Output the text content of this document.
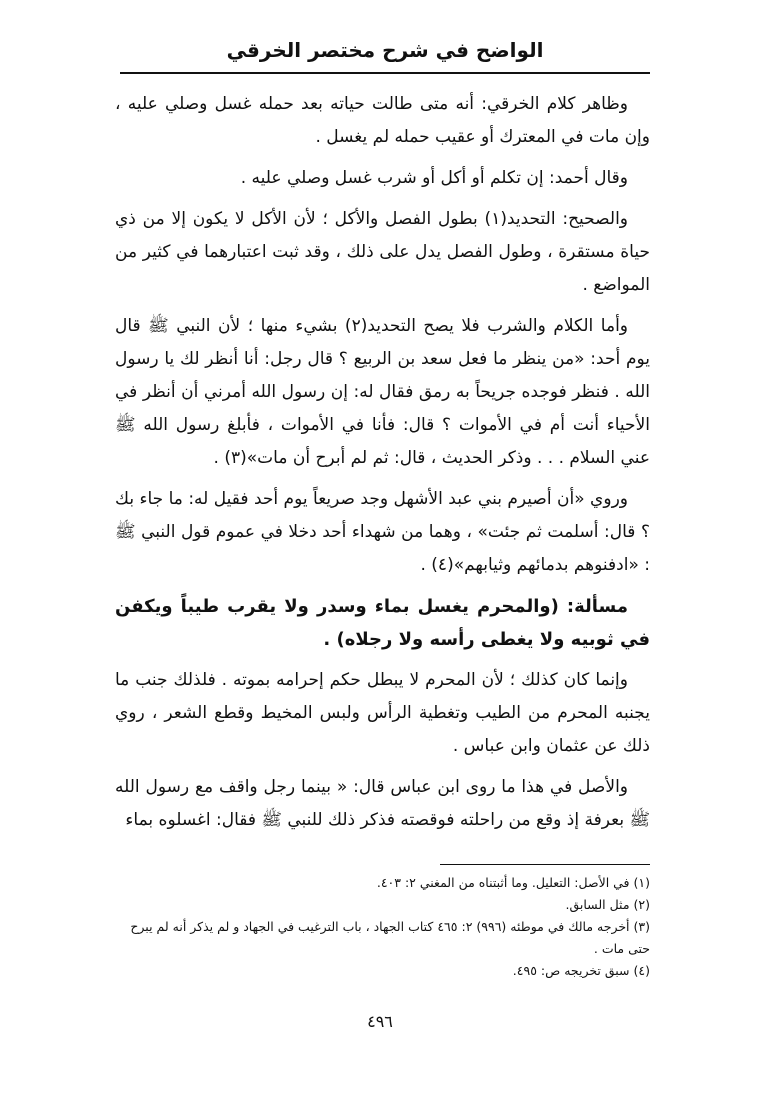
الواضح في شرح مختصر الخرقي

وظاهر كلام الخرقي: أنه متى طالت حياته بعد حمله غسل وصلي عليه ، وإن مات في المعترك أو عقيب حمله لم يغسل .

وقال أحمد: إن تكلم أو أكل أو شرب غسل وصلي عليه .

والصحيح: التحديد(١) بطول الفصل والأكل ؛ لأن الأكل لا يكون إلا من ذي حياة مستقرة ، وطول الفصل يدل على ذلك ، وقد ثبت اعتبارهما في كثير من المواضع .

وأما الكلام والشرب فلا يصح التحديد(٢) بشيء منها ؛ لأن النبي ﷺ قال يوم أحد: «من ينظر ما فعل سعد بن الربيع ؟ قال رجل: أنا أنظر لك يا رسول الله . فنظر فوجده جريحاً به رمق فقال له: إن رسول الله أمرني أن أنظر في الأحياء أنت أم في الأموات ؟ قال: فأنا في الأموات ، فأبلغ رسول الله ﷺ عني السلام . . . وذكر الحديث ، قال: ثم لم أبرح أن مات»(٣) .

وروي «أن أصيرم بني عبد الأشهل وجد صريعاً يوم أحد فقيل له: ما جاء بك ؟ قال: أسلمت ثم جئت» ، وهما من شهداء أحد دخلا في عموم قول النبي ﷺ : «ادفنوهم بدمائهم وثيابهم»(٤) .

مسألة: (والمحرم يغسل بماء وسدر ولا يقرب طيباً ويكفن في ثوبيه ولا يغطى رأسه ولا رجلاه) .

وإنما كان كذلك ؛ لأن المحرم لا يبطل حكم إحرامه بموته . فلذلك جنب ما يجنبه المحرم من الطيب وتغطية الرأس ولبس المخيط وقطع الشعر ، روي ذلك عن عثمان وابن عباس .

والأصل في هذا ما روى ابن عباس قال: « بينما رجل واقف مع رسول الله ﷺ بعرفة إذ وقع من راحلته فوقصته فذكر ذلك للنبي ﷺ فقال: اغسلوه بماء

(١) في الأصل: التعليل. وما أثبتناه من المغني ٢: ٤٠٣.
(٢) مثل السابق.
(٣) أخرجه مالك في موطئه (٩٩٦) ٢: ٤٦٥ كتاب الجهاد ، باب الترغيب في الجهاد و لم يذكر أنه لم يبرح حتى مات .
(٤) سبق تخريجه ص: ٤٩٥.
٤٩٦
